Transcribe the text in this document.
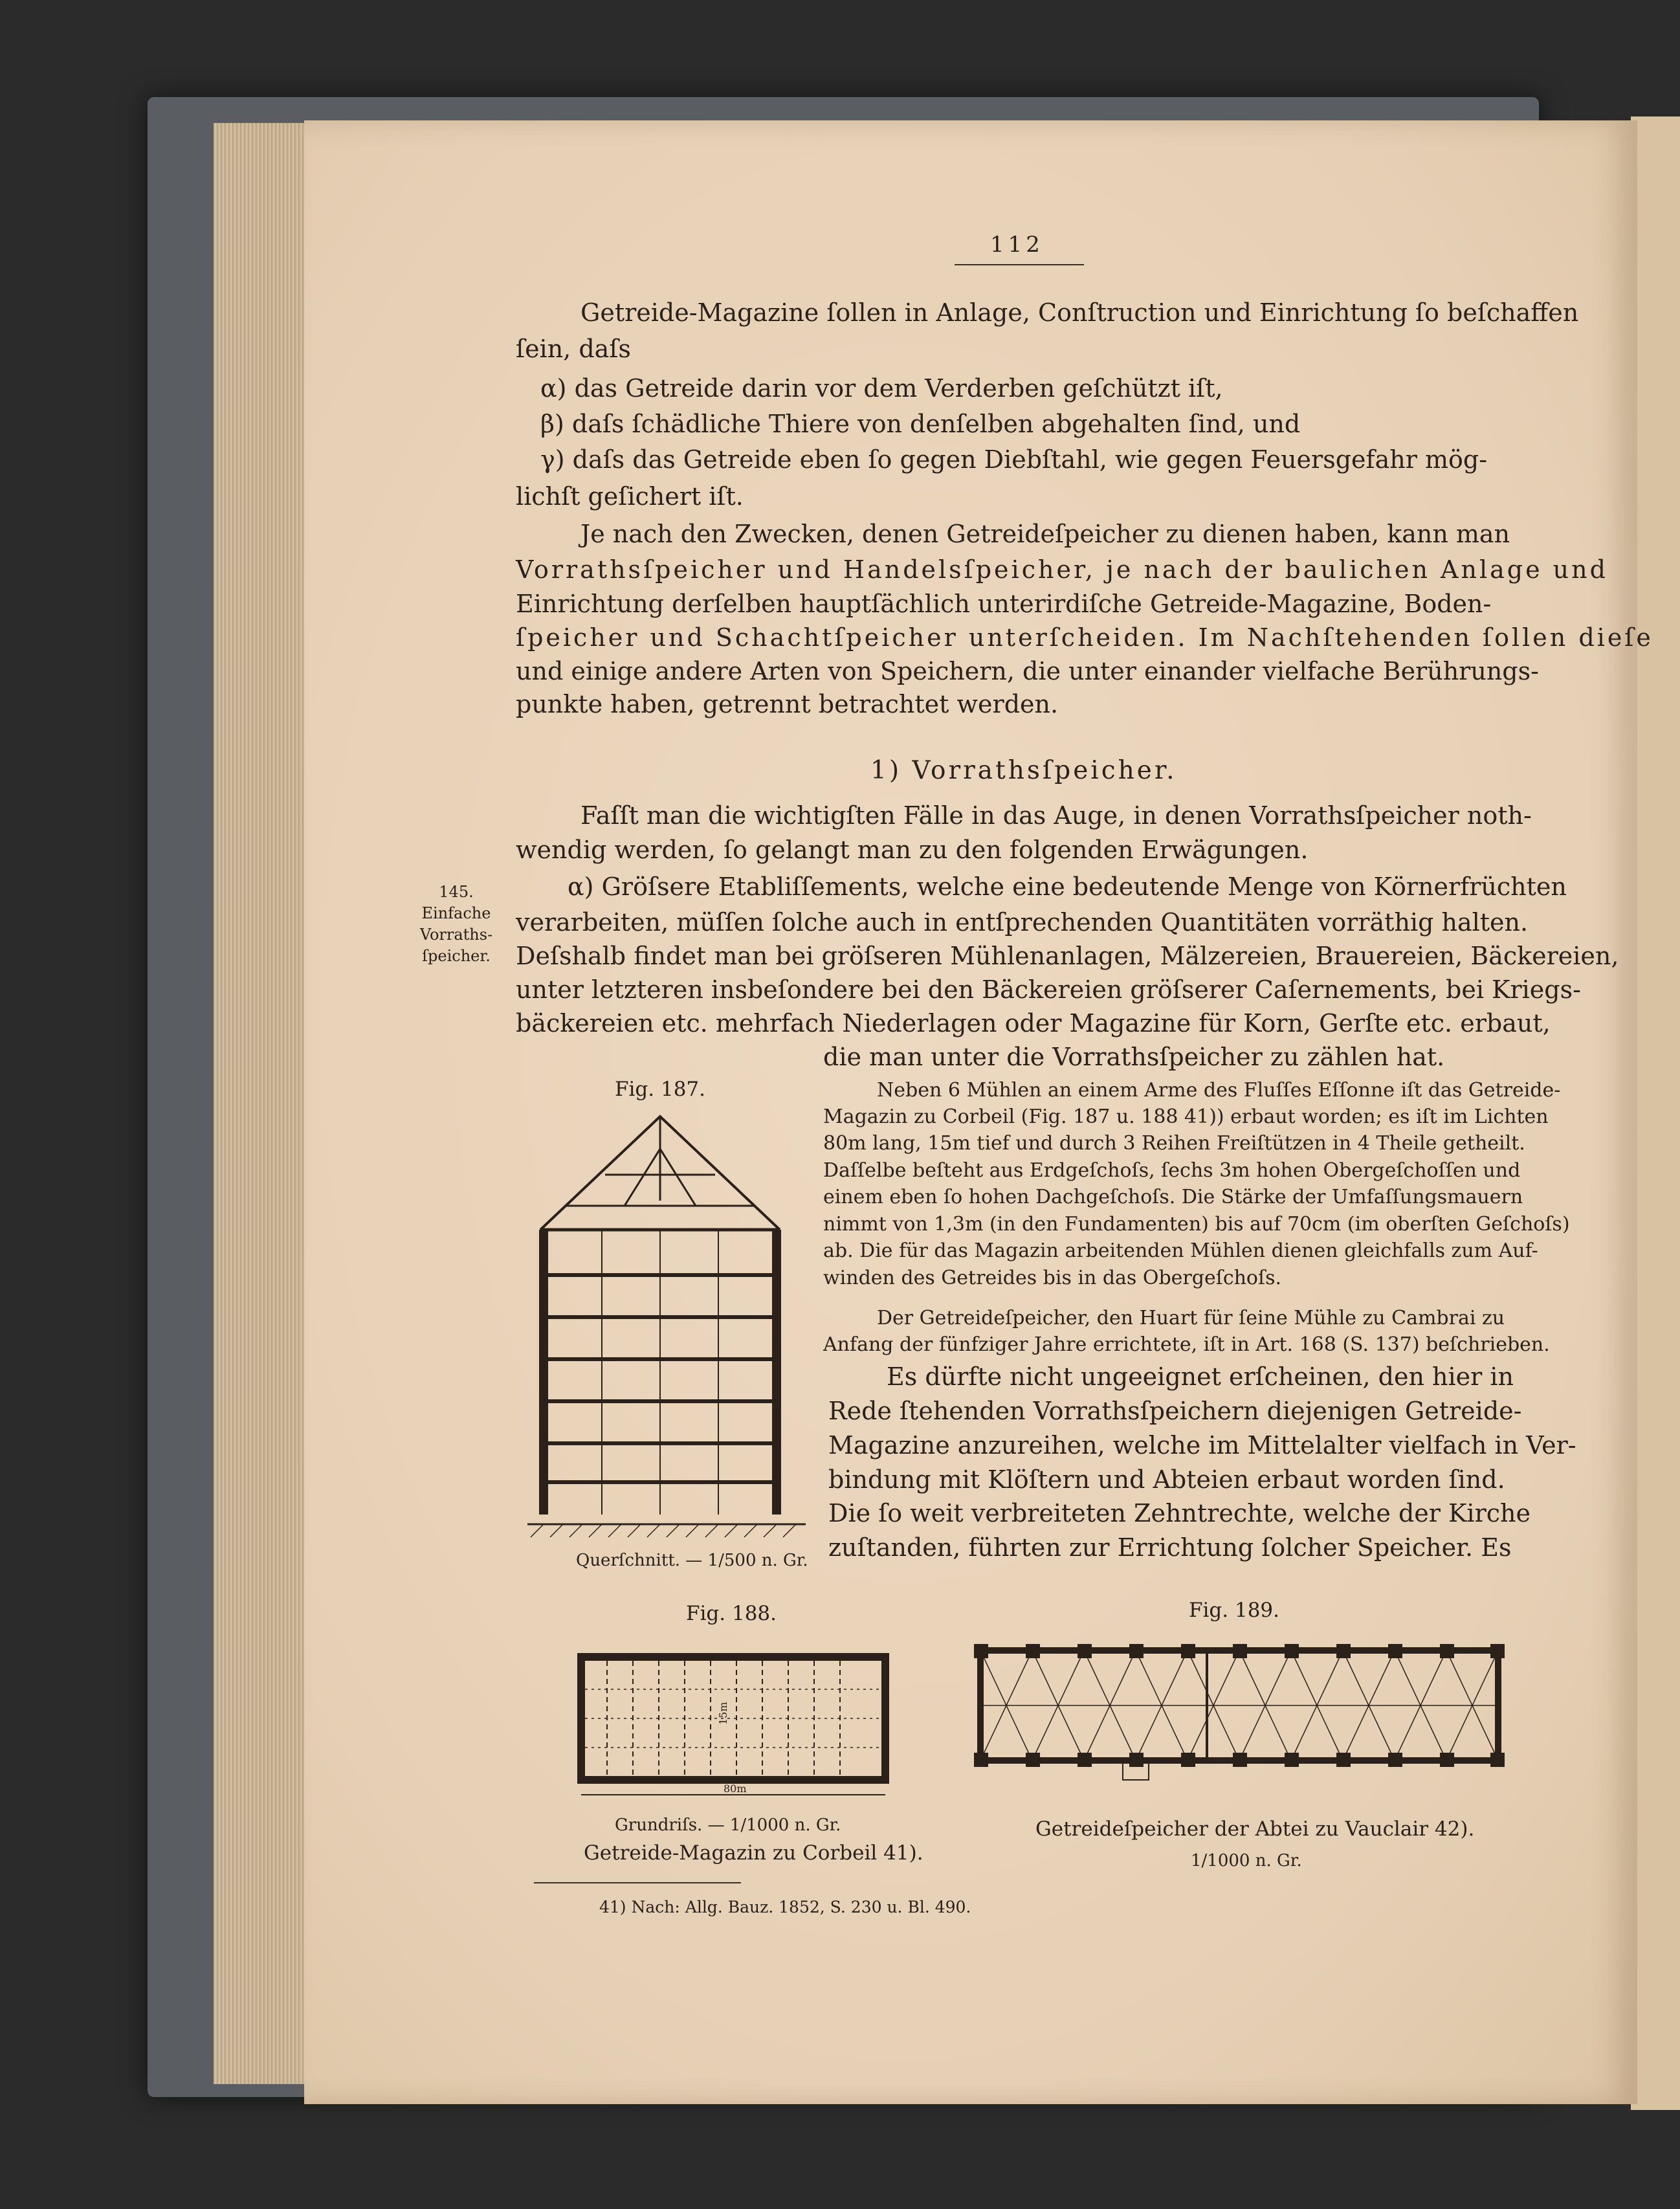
112
Getreide-Magazine ſollen in Anlage, Conſtruction und Einrichtung ſo beſchaffen
ſein, daſs
α) das Getreide darin vor dem Verderben geſchützt iſt,
β) daſs ſchädliche Thiere von denſelben abgehalten ſind, und
γ) daſs das Getreide eben ſo gegen Diebſtahl, wie gegen Feuersgefahr mög-
lichſt geſichert iſt.
Je nach den Zwecken, denen Getreideſpeicher zu dienen haben, kann man
Vorrathsſpeicher und Handelsſpeicher, je nach der baulichen Anlage und
Einrichtung derſelben hauptſächlich unterirdiſche Getreide-Magazine, Boden-
ſpeicher und Schachtſpeicher unterſcheiden. Im Nachſtehenden ſollen dieſe
und einige andere Arten von Speichern, die unter einander vielfache Berührungs-
punkte haben, getrennt betrachtet werden.
1) Vorrathsſpeicher.
Faſſt man die wichtigſten Fälle in das Auge, in denen Vorrathsſpeicher noth-
wendig werden, ſo gelangt man zu den folgenden Erwägungen.
145.
Einfache
Vorraths-
ſpeicher.
α) Gröſsere Etabliſſements, welche eine bedeutende Menge von Körnerfrüchten
verarbeiten, müſſen ſolche auch in entſprechenden Quantitäten vorräthig halten.
Deſshalb findet man bei gröſseren Mühlenanlagen, Mälzereien, Brauereien, Bäckereien,
unter letzteren insbeſondere bei den Bäckereien gröſserer Caſernements, bei Kriegs-
bäckereien etc. mehrfach Niederlagen oder Magazine für Korn, Gerſte etc. erbaut,
die man unter die Vorrathsſpeicher zu zählen hat.
Fig. 187.	Neben 6 Mühlen an einem Arme des Fluſſes Eſſonne iſt das Getreide-
Magazin zu Corbeil (Fig. 187 u. 188 41)) erbaut worden; es iſt im Lichten
80m lang, 15m tief und durch 3 Reihen Freiſtützen in 4 Theile getheilt.
Daſſelbe beſteht aus Erdgeſchoſs, ſechs 3m hohen Obergeſchoſſen und
einem eben ſo hohen Dachgeſchoſs. Die Stärke der Umfaſſungsmauern
nimmt von 1,3m (in den Fundamenten) bis auf 70cm (im oberſten Geſchoſs)
ab. Die für das Magazin arbeitenden Mühlen dienen gleichfalls zum Auf-
winden des Getreides bis in das Obergeſchoſs.
Der Getreideſpeicher, den Huart für ſeine Mühle zu Cambrai zu
Anfang der fünfziger Jahre errichtete, iſt in Art. 168 (S. 137) beſchrieben.
Es dürfte nicht ungeeignet erſcheinen, den hier in
Rede ſtehenden Vorrathsſpeichern diejenigen Getreide-
Magazine anzureihen, welche im Mittelalter vielfach in Ver-
bindung mit Klöſtern und Abteien erbaut worden ſind.
Die ſo weit verbreiteten Zehntrechte, welche der Kirche
zuſtanden, führten zur Errichtung ſolcher Speicher. Es
Querſchnitt. — 1/500 n. Gr.
Fig. 188.
80m
15m
Grundriſs. — 1/1000 n. Gr.
Getreide-Magazin zu Corbeil 41).
Fig. 189.
Getreideſpeicher der Abtei zu Vauclair 42).
1/1000 n. Gr.
41) Nach: Allg. Bauz. 1852, S. 230 u. Bl. 490.
